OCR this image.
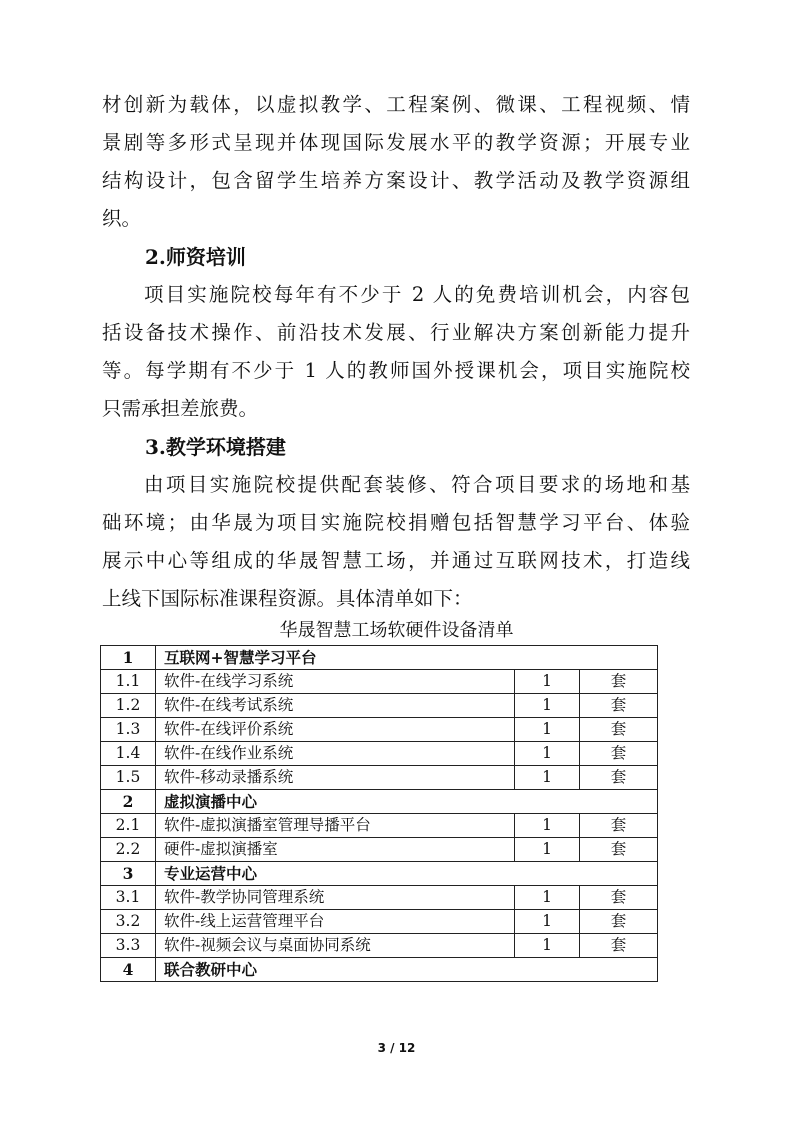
材创新为载体，以虚拟教学、工程案例、微课、工程视频、情
景剧等多形式呈现并体现国际发展水平的教学资源；开展专业
结构设计，包含留学生培养方案设计、教学活动及教学资源组
织。
2.师资培训
项目实施院校每年有不少于 2 人的免费培训机会，内容包
括设备技术操作、前沿技术发展、行业解决方案创新能力提升
等。每学期有不少于 1 人的教师国外授课机会，项目实施院校
只需承担差旅费。
3.教学环境搭建
由项目实施院校提供配套装修、符合项目要求的场地和基
础环境；由华晟为项目实施院校捐赠包括智慧学习平台、体验
展示中心等组成的华晟智慧工场，并通过互联网技术，打造线
上线下国际标准课程资源。具体清单如下：
华晟智慧工场软硬件设备清单
1	互联网+智慧学习平台		
1.1	软件-在线学习系统	1	套
1.2	软件-在线考试系统	1	套
1.3	软件-在线评价系统	1	套
1.4	软件-在线作业系统	1	套
1.5	软件-移动录播系统	1	套
2	虚拟演播中心		
2.1	软件-虚拟演播室管理导播平台	1	套
2.2	硬件-虚拟演播室	1	套
3	专业运营中心		
3.1	软件-教学协同管理系统	1	套
3.2	软件-线上运营管理平台	1	套
3.3	软件-视频会议与桌面协同系统	1	套
4	联合教研中心		
3 / 12
